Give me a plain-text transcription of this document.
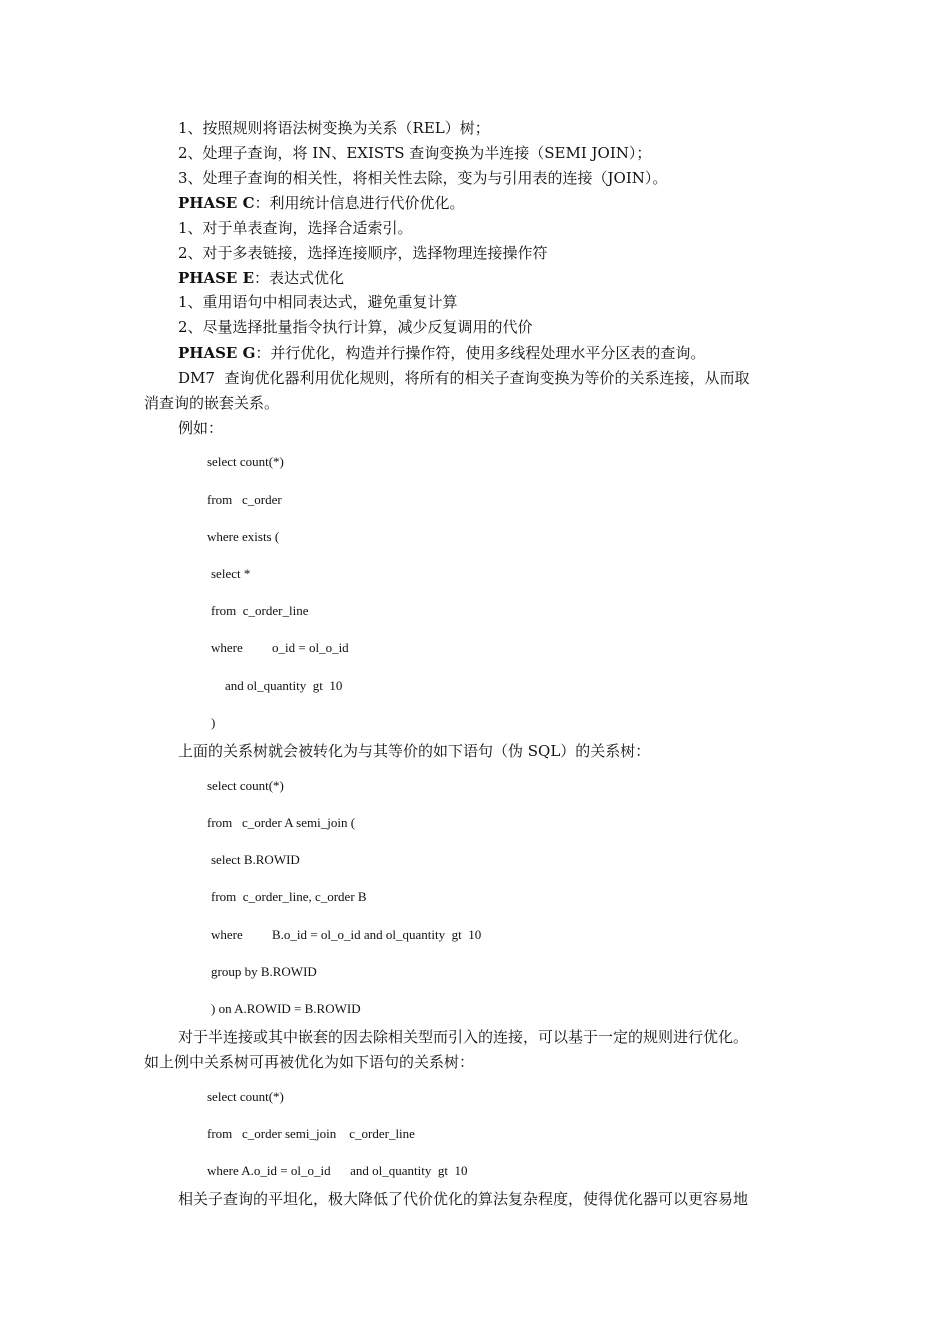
1、按照规则将语法树变换为关系（REL）树；
2、处理子查询，将 IN、EXISTS 查询变换为半连接（SEMI JOIN）；
3、处理子查询的相关性，将相关性去除，变为与引用表的连接（JOIN）。
PHASE C：利用统计信息进行代价优化。
1、对于单表查询，选择合适索引。
2、对于多表链接，选择连接顺序，选择物理连接操作符
PHASE E：表达式优化
1、重用语句中相同表达式，避免重复计算
2、尽量选择批量指令执行计算，减少反复调用的代价
PHASE G：并行优化，构造并行操作符，使用多线程处理水平分区表的查询。
DM7  查询优化器利用优化规则，将所有的相关子查询变换为等价的关系连接，从而取
消查询的嵌套关系。
例如：
select count(*)
from   c_order
where exists (
select *
from  c_order_line
where         o_id = ol_o_id
and ol_quantity  gt  10
)
上面的关系树就会被转化为与其等价的如下语句（伪 SQL）的关系树：
select count(*)
from   c_order A semi_join (
select B.ROWID
from  c_order_line, c_order B
where         B.o_id = ol_o_id and ol_quantity  gt  10
group by B.ROWID
) on A.ROWID = B.ROWID
对于半连接或其中嵌套的因去除相关型而引入的连接，可以基于一定的规则进行优化。
如上例中关系树可再被优化为如下语句的关系树：
select count(*)
from   c_order semi_join    c_order_line
where A.o_id = ol_o_id      and ol_quantity  gt  10
相关子查询的平坦化，极大降低了代价优化的算法复杂程度，使得优化器可以更容易地
